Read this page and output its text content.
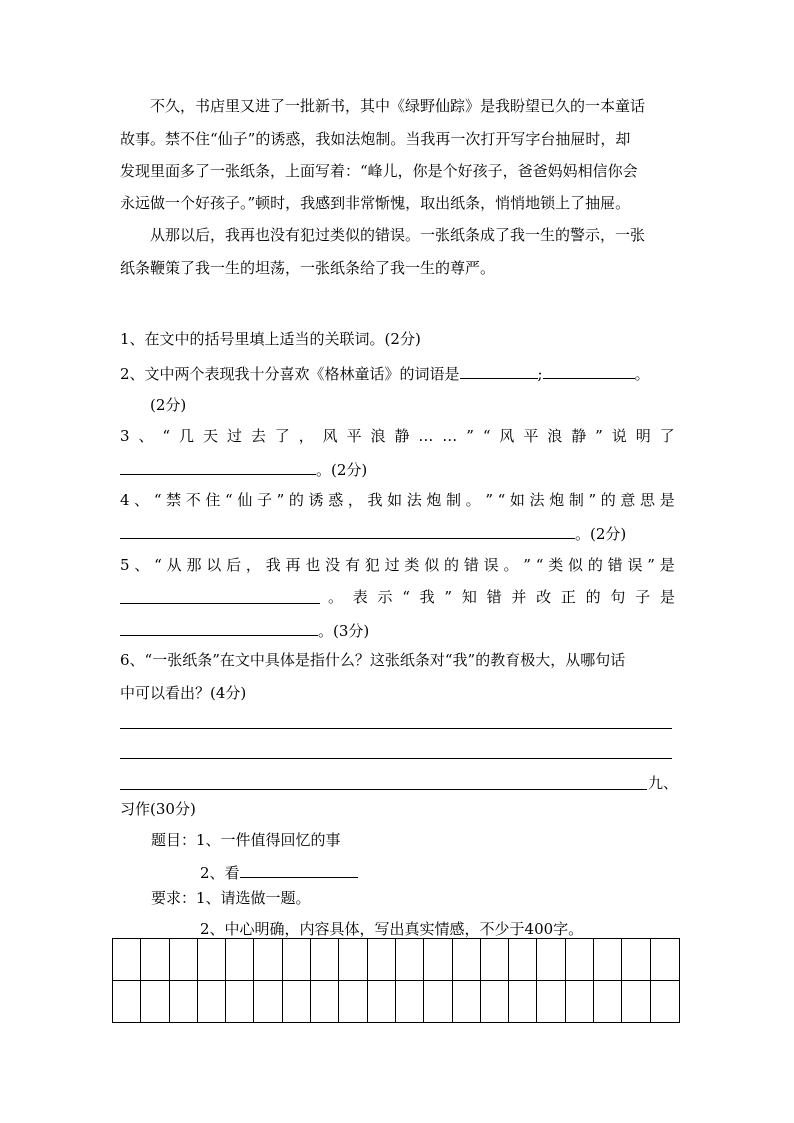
不久，书店里又进了一批新书，其中《绿野仙踪》是我盼望已久的一本童话
故事。禁不住“仙子”的诱惑，我如法炮制。当我再一次打开写字台抽屉时，却
发现里面多了一张纸条，上面写着：“峰儿，你是个好孩子，爸爸妈妈相信你会
永远做一个好孩子。”顿时，我感到非常惭愧，取出纸条，悄悄地锁上了抽屉。
从那以后，我再也没有犯过类似的错误。一张纸条成了我一生的警示，一张
纸条鞭策了我一生的坦荡，一张纸条给了我一生的尊严。
1、在文中的括号里填上适当的关联词。(2分)
2、文中两个表现我十分喜欢《格林童话》的词语是	;	。
(2分)
3 、 “ 几 天 过 去 了 ， 风 平 浪 静 … … ” “ 风 平 浪 静 ” 说 明 了
。(2分)
4 、 “ 禁 不 住 “ 仙 子 ” 的 诱 惑 ， 我 如 法 炮 制 。 ” “ 如 法 炮 制 ” 的 意 思 是
。(2分)
5 、 “ 从 那 以 后 ， 我 再 也 没 有 犯 过 类 似 的 错 误 。 ” “ 类 似 的 错 误 ” 是
。 表 示 “ 我 ” 知 错 并 改 正 的 句 子 是
。(3分)
6、“一张纸条”在文中具体是指什么？这张纸条对“我”的教育极大，从哪句话
中可以看出？(4分)
九、
习作(30分)
题目：1、一件值得回忆的事
2、看
要求：1、请选做一题。
2、中心明确，内容具体，写出真实情感，不少于400字。
